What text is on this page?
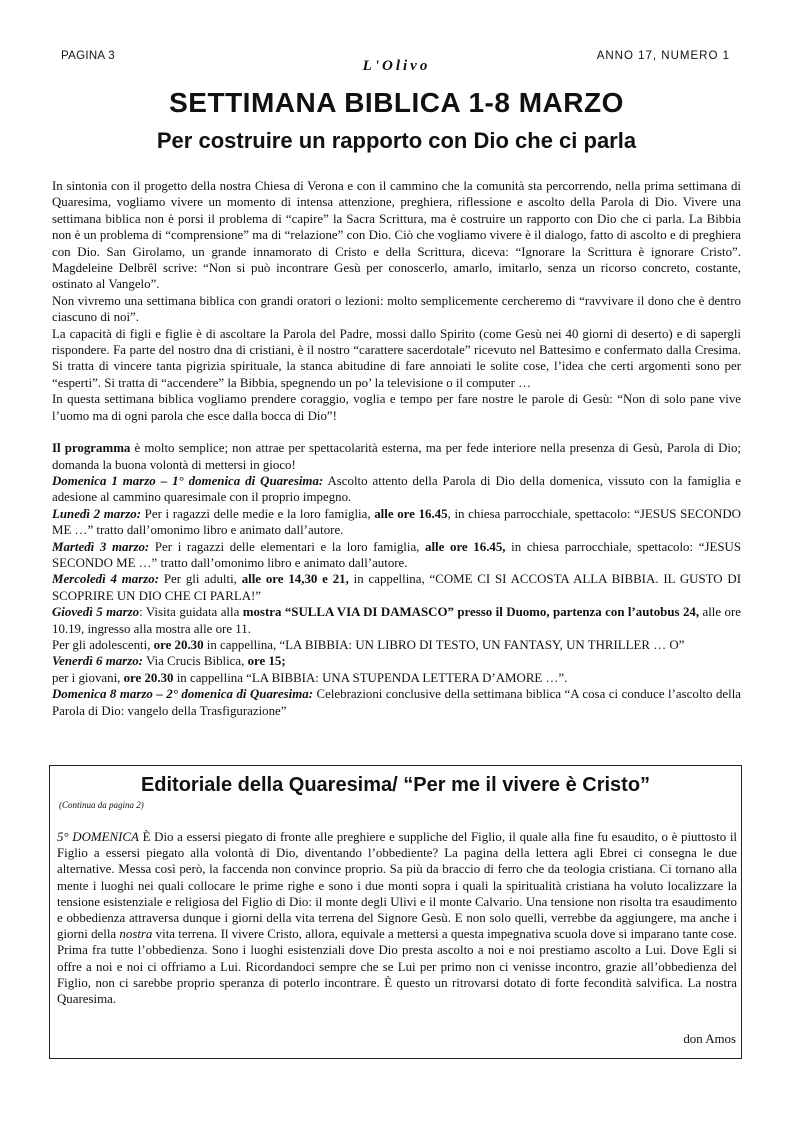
PAGINA 3
L'Olivo
ANNO 17, NUMERO 1
SETTIMANA BIBLICA 1-8 MARZO
Per costruire un rapporto con Dio che ci parla

In sintonia con il progetto della nostra Chiesa di Verona e con il cammino che la comunità sta percorrendo, nella prima settimana di Quaresima, vogliamo vivere un momento di intensa attenzione, preghiera, riflessione e ascolto della Parola di Dio. Vivere una settimana biblica non è porsi il problema di “capire” la Sacra Scrittura, ma è costruire un rapporto con Dio che ci parla. La Bibbia non è un problema di “comprensione” ma di “relazione” con Dio. Ciò che vogliamo vivere è il dialogo, fatto di ascolto e di preghiera con Dio. San Girolamo, un grande innamorato di Cristo e della Scrittura, diceva: “Ignorare la Scrittura è ignorare Cristo”. Magdeleine Delbrêl scrive: “Non si può incontrare Gesù per conoscerlo, amarlo, imitarlo, senza un ricorso concreto, costante, ostinato al Vangelo”.

Non vivremo una settimana biblica con grandi oratori o lezioni: molto semplicemente cercheremo di “ravvivare il dono che è dentro ciascuno di noi”.

La capacità di figli e figlie è di ascoltare la Parola del Padre, mossi dallo Spirito (come Gesù nei 40 giorni di deserto) e di sapergli rispondere. Fa parte del nostro dna di cristiani, è il nostro “carattere sacerdotale” ricevuto nel Battesimo e confermato dalla Cresima. Si tratta di vincere tanta pigrizia spirituale, la stanca abitudine di fare annoiati le solite cose, l’idea che certi argomenti sono per “esperti”. Si tratta di “accendere” la Bibbia, spegnendo un po’ la televisione o il computer …

In questa settimana biblica vogliamo prendere coraggio, voglia e tempo per fare nostre le parole di Gesù: “Non di solo pane vive l’uomo ma di ogni parola che esce dalla bocca di Dio”!

Il programma è molto semplice; non attrae per spettacolarità esterna, ma per fede interiore nella presenza di Gesù, Parola di Dio; domanda la buona volontà di mettersi in gioco!

Domenica 1 marzo – 1° domenica di Quaresima: Ascolto attento della Parola di Dio della domenica, vissuto con la famiglia e adesione al cammino quaresimale con il proprio impegno.

Lunedì 2 marzo: Per i ragazzi delle medie e la loro famiglia, alle ore 16.45, in chiesa parrocchiale, spettacolo: “JESUS SECONDO ME …” tratto dall’omonimo libro e animato dall’autore.

Martedì 3 marzo: Per i ragazzi delle elementari e la loro famiglia, alle ore 16.45, in chiesa parrocchiale, spettacolo: “JESUS SECONDO ME …” tratto dall’omonimo libro e animato dall’autore.

Mercoledì 4 marzo: Per gli adulti, alle ore 14,30 e 21, in cappellina, “COME CI SI ACCOSTA ALLA BIBBIA. IL GUSTO DI SCOPRIRE UN DIO CHE CI PARLA!”

Giovedì 5 marzo: Visita guidata alla mostra “SULLA VIA DI DAMASCO” presso il Duomo, partenza con l’autobus 24, alle ore 10.19, ingresso alla mostra alle ore 11.

Per gli adolescenti, ore 20.30 in cappellina, “LA BIBBIA: UN LIBRO DI TESTO, UN FANTASY, UN THRILLER … O”

Venerdì 6 marzo: Via Crucis Biblica, ore 15;

per i giovani, ore 20.30 in cappellina “LA BIBBIA: UNA STUPENDA LETTERA D’AMORE …”.

Domenica 8 marzo – 2° domenica di Quaresima: Celebrazioni conclusive della settimana biblica “A cosa ci conduce l’ascolto della Parola di Dio: vangelo della Trasfigurazione”

Editoriale della Quaresima/ “Per me il vivere è Cristo”
(Continua da pagina 2)
5° DOMENICA È Dio a essersi piegato di fronte alle preghiere e suppliche del Figlio, il quale alla fine fu esaudito, o è piuttosto il Figlio a essersi piegato alla volontà di Dio, diventando l’obbediente? La pagina della lettera agli Ebrei ci consegna le due alternative. Messa così però, la faccenda non convince proprio. Sa più da braccio di ferro che da teologia cristiana. Ci tornano alla mente i luoghi nei quali collocare le prime righe e sono i due monti sopra i quali la spiritualità cristiana ha voluto localizzare la tensione esistenziale e religiosa del Figlio di Dio: il monte degli Ulivi e il monte Calvario. Una tensione non risolta tra esaudimento e obbedienza attraversa dunque i giorni della vita terrena del Signore Gesù. E non solo quelli, verrebbe da aggiungere, ma anche i giorni della nostra vita terrena. Il vivere Cristo, allora, equivale a mettersi a questa impegnativa scuola dove si imparano tante cose. Prima fra tutte l’obbedienza. Sono i luoghi esistenziali dove Dio presta ascolto a noi e noi prestiamo ascolto a Lui. Dove Egli si offre a noi e noi ci offriamo a Lui. Ricordandoci sempre che se Lui per primo non ci venisse incontro, grazie all’obbedienza del Figlio, non ci sarebbe proprio speranza di poterlo incontrare. È questo un ritrovarsi dotato di forte fecondità salvifica. La nostra Quaresima.
don Amos
